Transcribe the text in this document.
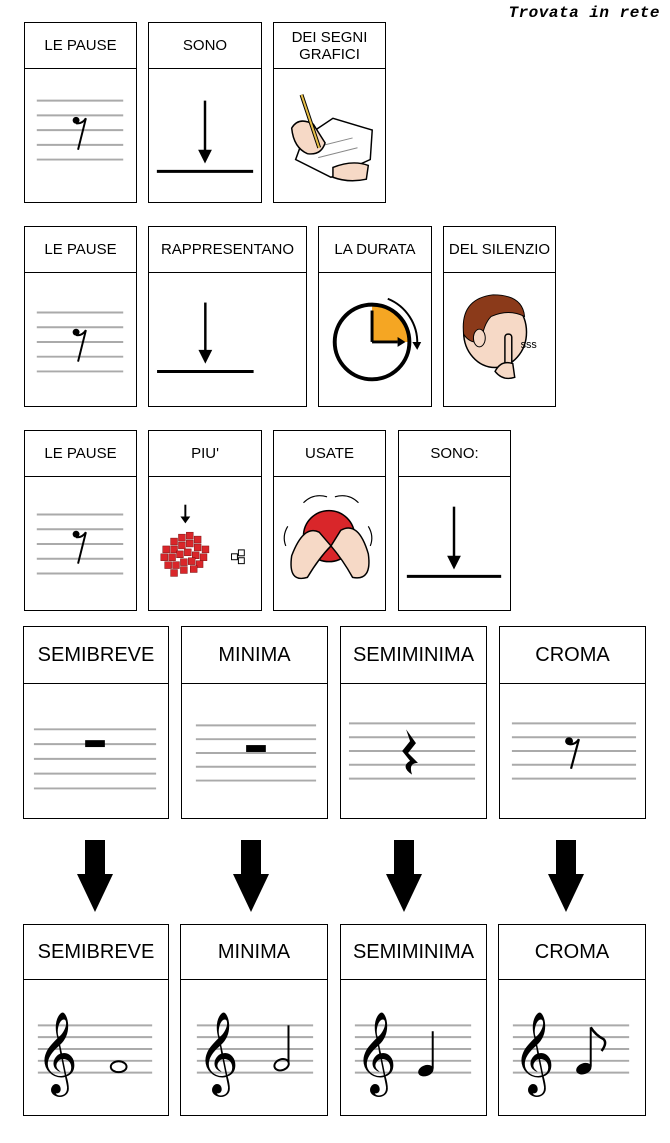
Trovata in rete
LE PAUSE	SONO	DEI SEGNI GRAFICI
LE PAUSE	RAPPRESENTANO	LA DURATA	DEL SILENZIO
sss
LE PAUSE	PIU'	USATE	SONO:
SEMIBREVE	MINIMA	SEMIMINIMA	CROMA
SEMIBREVE
𝄞
MINIMA
𝄞
SEMIMINIMA
𝄞
CROMA
𝄞
